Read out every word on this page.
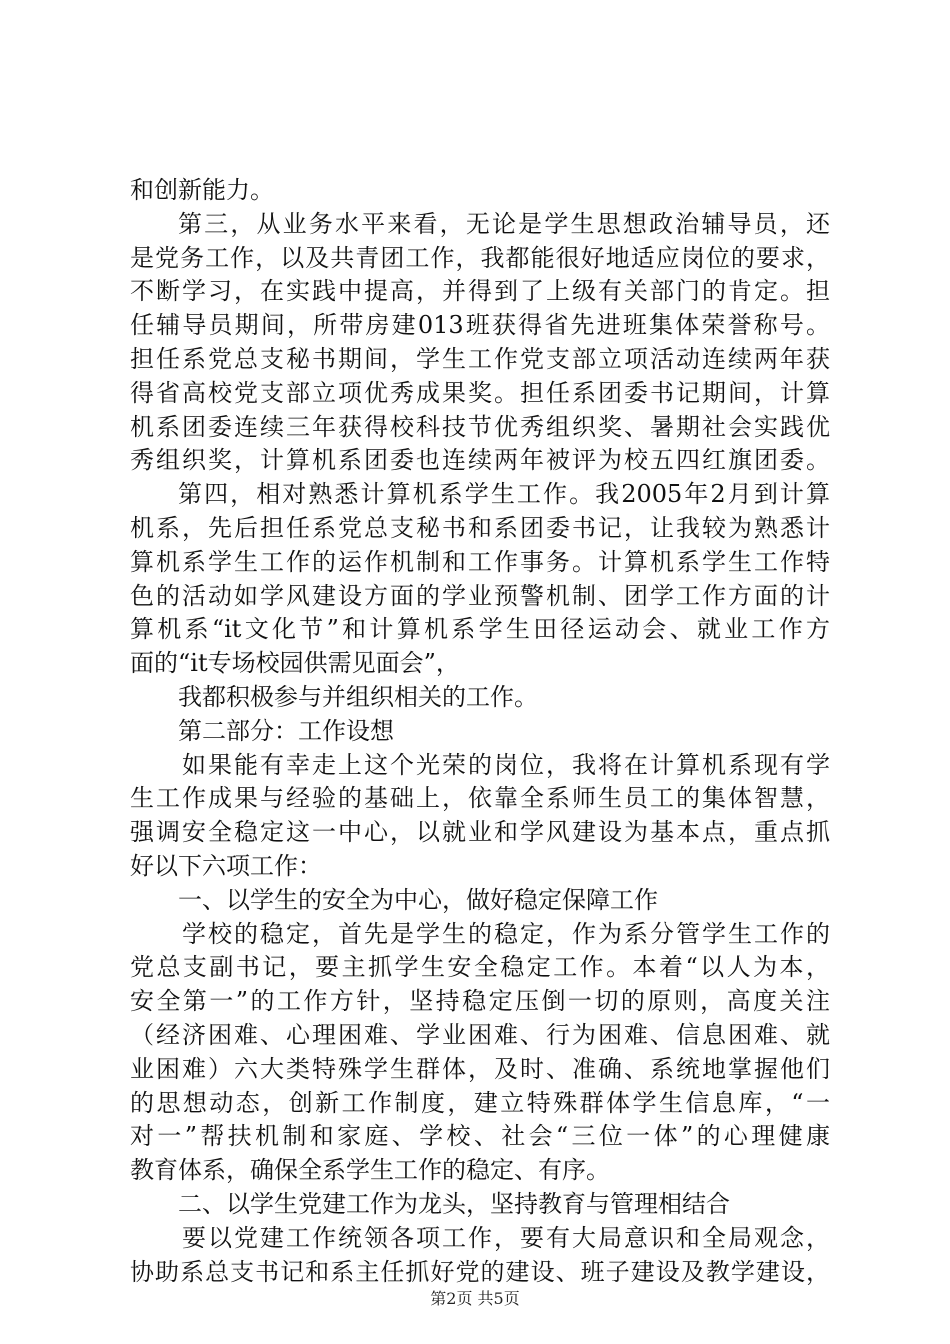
和创新能力。
第三，从业务水平来看，无论是学生思想政治辅导员，还
是党务工作，以及共青团工作，我都能很好地适应岗位的要求，
不断学习，在实践中提高，并得到了上级有关部门的肯定。担
任辅导员期间，所带房建013班获得省先进班集体荣誉称号。
担任系党总支秘书期间，学生工作党支部立项活动连续两年获
得省高校党支部立项优秀成果奖。担任系团委书记期间，计算
机系团委连续三年获得校科技节优秀组织奖、暑期社会实践优
秀组织奖，计算机系团委也连续两年被评为校五四红旗团委。
第四，相对熟悉计算机系学生工作。我2005年2月到计算
机系，先后担任系党总支秘书和系团委书记，让我较为熟悉计
算机系学生工作的运作机制和工作事务。计算机系学生工作特
色的活动如学风建设方面的学业预警机制、团学工作方面的计
算机系“it文化节”和计算机系学生田径运动会、就业工作方
面的“it专场校园供需见面会”，
我都积极参与并组织相关的工作。
第二部分：工作设想
如果能有幸走上这个光荣的岗位，我将在计算机系现有学
生工作成果与经验的基础上，依靠全系师生员工的集体智慧，
强调安全稳定这一中心，以就业和学风建设为基本点，重点抓
好以下六项工作：
一、以学生的安全为中心，做好稳定保障工作
学校的稳定，首先是学生的稳定，作为系分管学生工作的
党总支副书记，要主抓学生安全稳定工作。本着“以人为本，
安全第一”的工作方针，坚持稳定压倒一切的原则，高度关注
（经济困难、心理困难、学业困难、行为困难、信息困难、就
业困难）六大类特殊学生群体，及时、准确、系统地掌握他们
的思想动态，创新工作制度，建立特殊群体学生信息库，“一
对一”帮扶机制和家庭、学校、社会“三位一体”的心理健康
教育体系，确保全系学生工作的稳定、有序。
二、以学生党建工作为龙头，坚持教育与管理相结合
要以党建工作统领各项工作，要有大局意识和全局观念，
协助系总支书记和系主任抓好党的建设、班子建设及教学建设，
第2页 共5页
